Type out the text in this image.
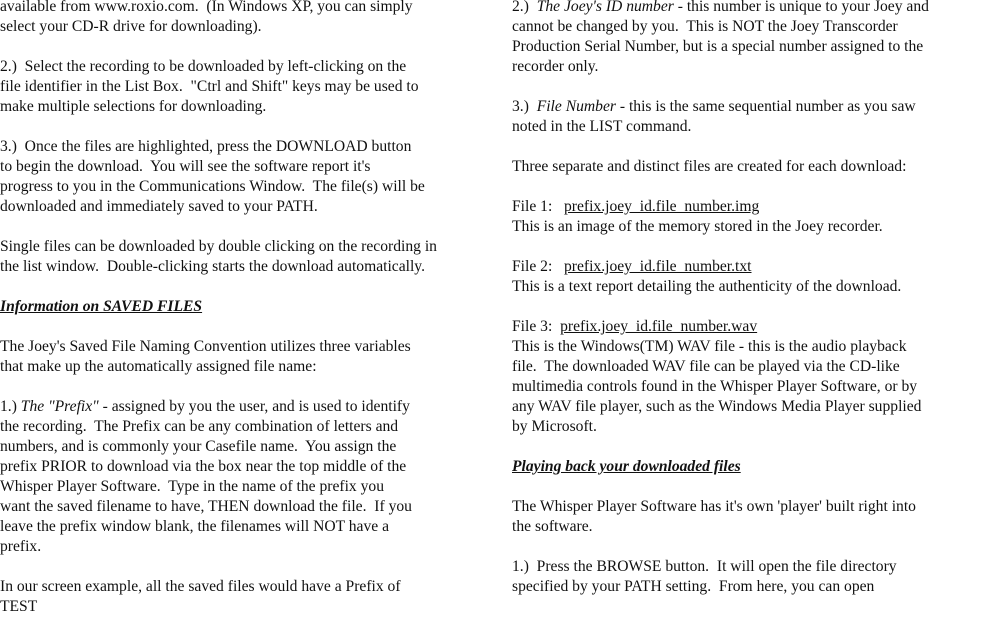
available from www.roxio.com.  (In Windows XP, you can simply
select your CD-R drive for downloading).
2.)  Select the recording to be downloaded by left-clicking on the
file identifier in the List Box.  "Ctrl and Shift" keys may be used to
make multiple selections for downloading.
3.)  Once the files are highlighted, press the DOWNLOAD button
to begin the download.  You will see the software report it's
progress to you in the Communications Window.  The file(s) will be
downloaded and immediately saved to your PATH.
Single files can be downloaded by double clicking on the recording in
the list window.  Double-clicking starts the download automatically.
Information on SAVED FILES
The Joey's Saved File Naming Convention utilizes three variables
that make up the automatically assigned file name:
1.) The "Prefix" - assigned by you the user, and is used to identify
the recording.  The Prefix can be any combination of letters and
numbers, and is commonly your Casefile name.  You assign the
prefix PRIOR to download via the box near the top middle of the
Whisper Player Software.  Type in the name of the prefix you
want the saved filename to have, THEN download the file.  If you
leave the prefix window blank, the filenames will NOT have a
prefix.
In our screen example, all the saved files would have a Prefix of
TEST
2.)  The Joey's ID number - this number is unique to your Joey and
cannot be changed by you.  This is NOT the Joey Transcorder
Production Serial Number, but is a special number assigned to the
recorder only.
3.)  File Number - this is the same sequential number as you saw
noted in the LIST command.
Three separate and distinct files are created for each download:
File 1:   prefix.joey_id.file_number.img
This is an image of the memory stored in the Joey recorder.
File 2:   prefix.joey_id.file_number.txt
This is a text report detailing the authenticity of the download.
File 3:  prefix.joey_id.file_number.wav
This is the Windows(TM) WAV file - this is the audio playback
file.  The downloaded WAV file can be played via the CD-like
multimedia controls found in the Whisper Player Software, or by
any WAV file player, such as the Windows Media Player supplied
by Microsoft.
Playing back your downloaded files
The Whisper Player Software has it's own 'player' built right into
the software.
1.)  Press the BROWSE button.  It will open the file directory
specified by your PATH setting.  From here, you can open
